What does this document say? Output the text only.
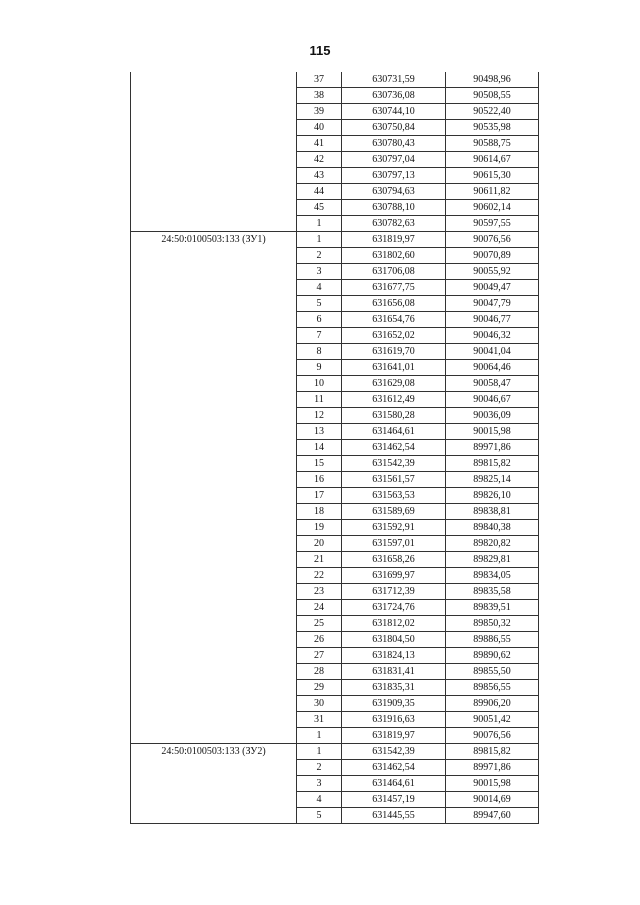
115
	37	630731,59	90498,96
	38	630736,08	90508,55
	39	630744,10	90522,40
	40	630750,84	90535,98
	41	630780,43	90588,75
	42	630797,04	90614,67
	43	630797,13	90615,30
	44	630794,63	90611,82
	45	630788,10	90602,14
	1	630782,63	90597,55
24:50:0100503:133 (ЗУ1)	1	631819,97	90076,56
	2	631802,60	90070,89
	3	631706,08	90055,92
	4	631677,75	90049,47
	5	631656,08	90047,79
	6	631654,76	90046,77
	7	631652,02	90046,32
	8	631619,70	90041,04
	9	631641,01	90064,46
	10	631629,08	90058,47
	11	631612,49	90046,67
	12	631580,28	90036,09
	13	631464,61	90015,98
	14	631462,54	89971,86
	15	631542,39	89815,82
	16	631561,57	89825,14
	17	631563,53	89826,10
	18	631589,69	89838,81
	19	631592,91	89840,38
	20	631597,01	89820,82
	21	631658,26	89829,81
	22	631699,97	89834,05
	23	631712,39	89835,58
	24	631724,76	89839,51
	25	631812,02	89850,32
	26	631804,50	89886,55
	27	631824,13	89890,62
	28	631831,41	89855,50
	29	631835,31	89856,55
	30	631909,35	89906,20
	31	631916,63	90051,42
	1	631819,97	90076,56
24:50:0100503:133 (ЗУ2)	1	631542,39	89815,82
	2	631462,54	89971,86
	3	631464,61	90015,98
	4	631457,19	90014,69
	5	631445,55	89947,60
